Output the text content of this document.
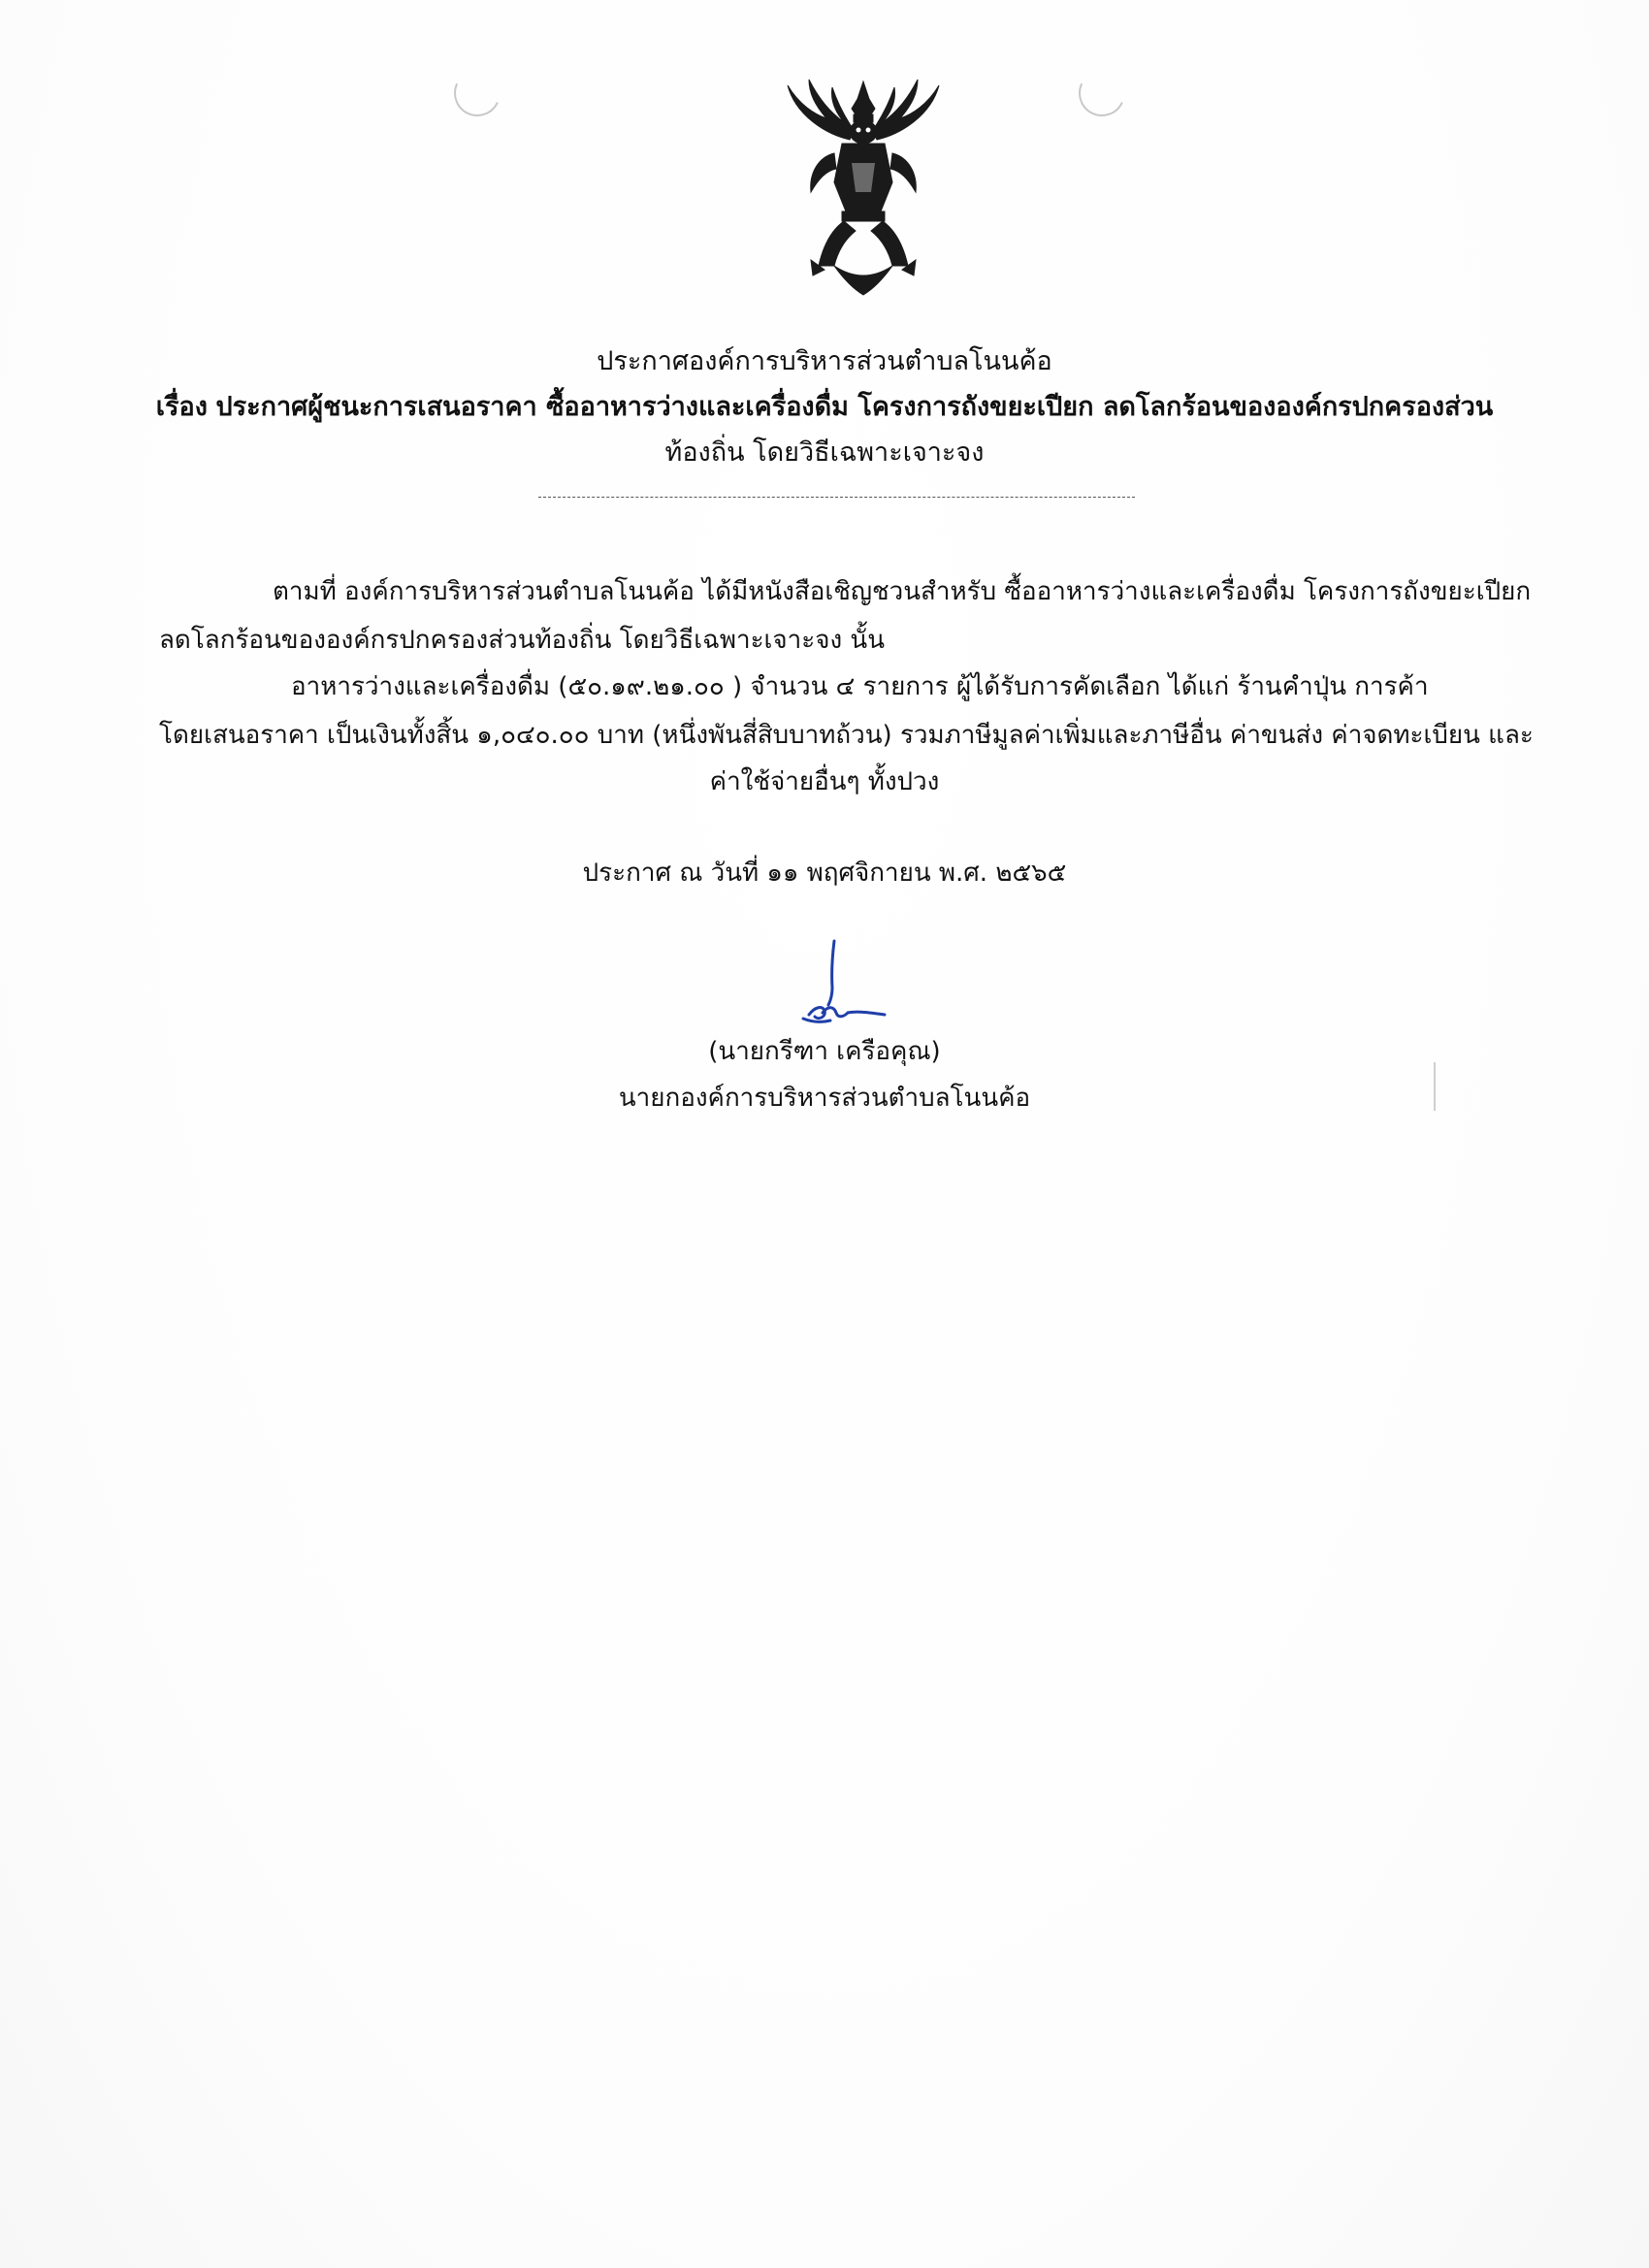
ประกาศองค์การบริหารส่วนตำบลโนนค้อ
เรื่อง ประกาศผู้ชนะการเสนอราคา ซื้ออาหารว่างและเครื่องดื่ม โครงการถังขยะเปียก ลดโลกร้อนขององค์กรปกครองส่วน
ท้องถิ่น โดยวิธีเฉพาะเจาะจง
ตามที่ องค์การบริหารส่วนตำบลโนนค้อ ได้มีหนังสือเชิญชวนสำหรับ ซื้ออาหารว่างและเครื่องดื่ม โครงการถังขยะเปียก
ลดโลกร้อนขององค์กรปกครองส่วนท้องถิ่น โดยวิธีเฉพาะเจาะจง นั้น
อาหารว่างและเครื่องดื่ม (๕๐.๑๙.๒๑.๐๐ ) จำนวน ๔ รายการ ผู้ได้รับการคัดเลือก ได้แก่ ร้านคำปุ่น การค้า
โดยเสนอราคา เป็นเงินทั้งสิ้น ๑,๐๔๐.๐๐ บาท (หนึ่งพันสี่สิบบาทถ้วน) รวมภาษีมูลค่าเพิ่มและภาษีอื่น ค่าขนส่ง ค่าจดทะเบียน และ
ค่าใช้จ่ายอื่นๆ ทั้งปวง
ประกาศ ณ วันที่ ๑๑ พฤศจิกายน พ.ศ. ๒๕๖๕
(นายกรีฑา เครือคุณ)
นายกองค์การบริหารส่วนตำบลโนนค้อ
